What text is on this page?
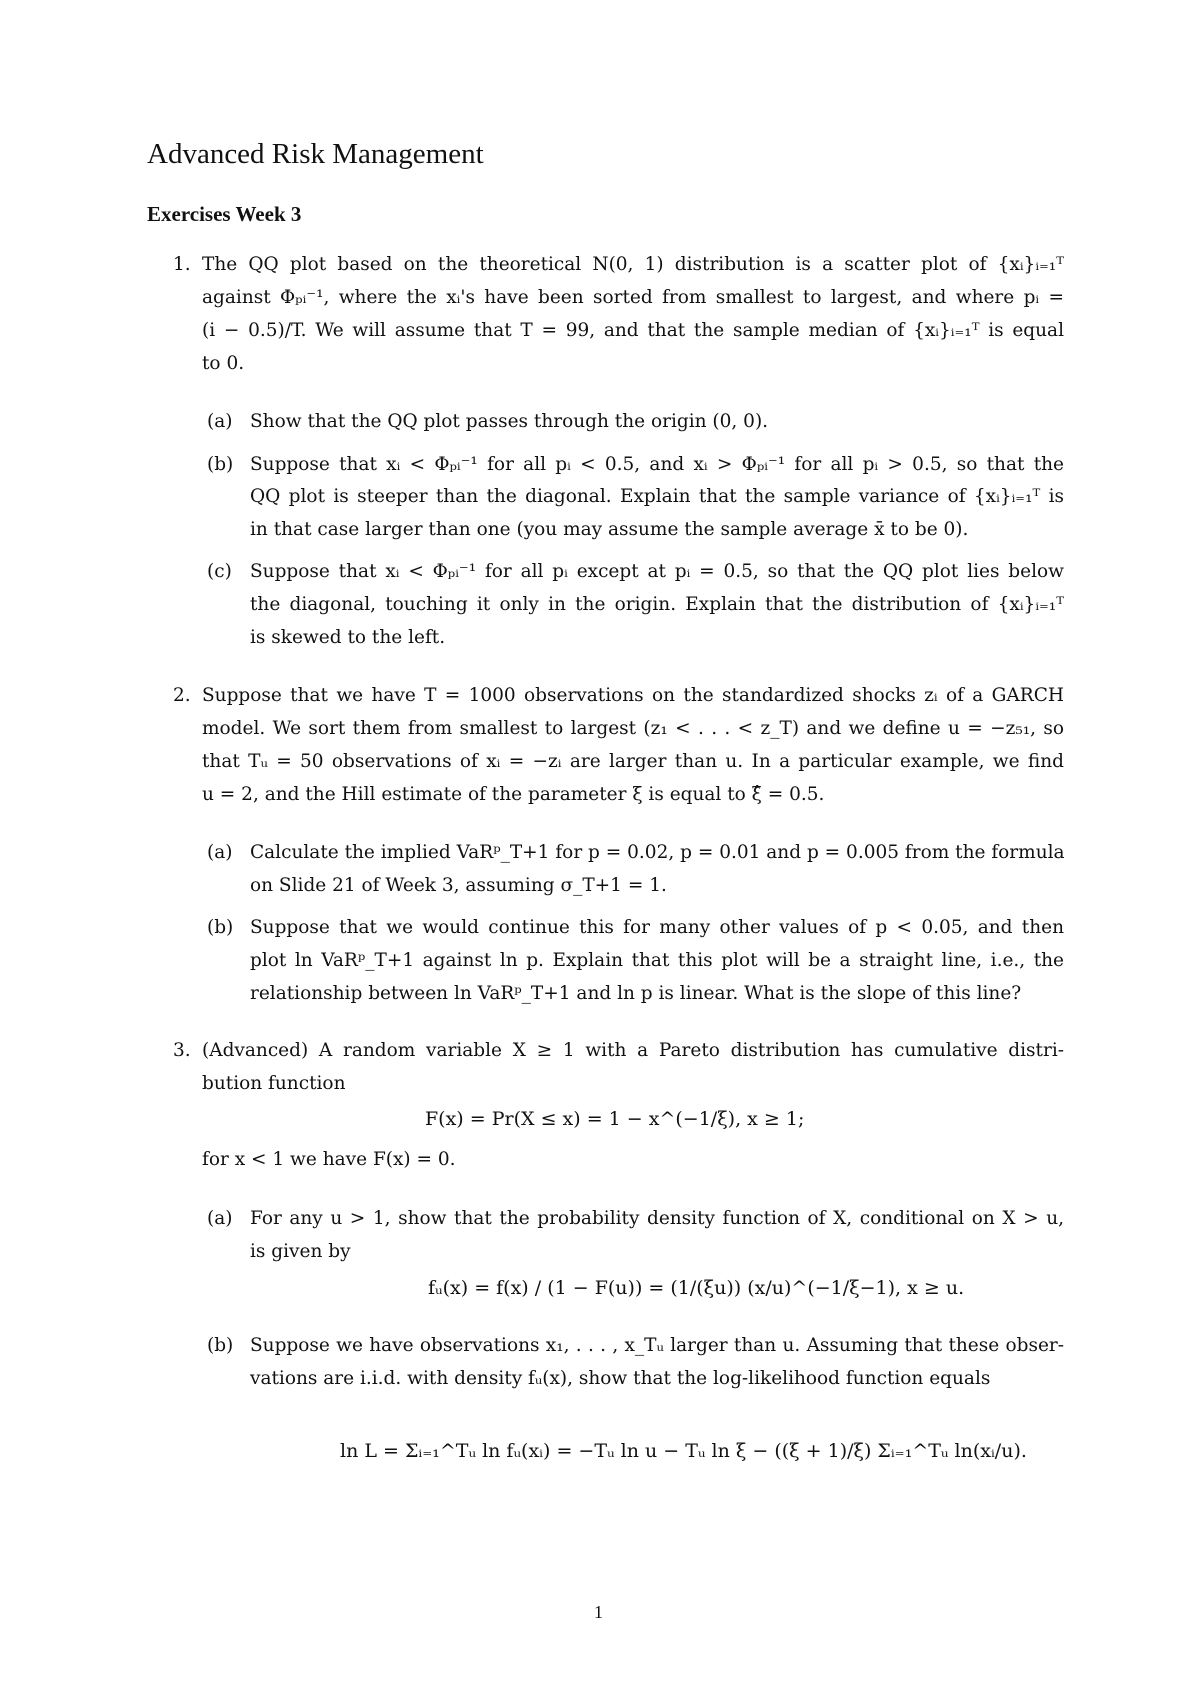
Advanced Risk Management
Exercises Week 3
1. The QQ plot based on the theoretical N(0, 1) distribution is a scatter plot of {xᵢ}ᵢ₌₁ᵀ
against Φₚᵢ⁻¹, where the xᵢ's have been sorted from smallest to largest, and where pᵢ =
(i − 0.5)/T. We will assume that T = 99, and that the sample median of {xᵢ}ᵢ₌₁ᵀ is equal
to 0.
(a) Show that the QQ plot passes through the origin (0, 0).
(b) Suppose that xᵢ < Φₚᵢ⁻¹ for all pᵢ < 0.5, and xᵢ > Φₚᵢ⁻¹ for all pᵢ > 0.5, so that the
QQ plot is steeper than the diagonal. Explain that the sample variance of {xᵢ}ᵢ₌₁ᵀ is
in that case larger than one (you may assume the sample average x̄ to be 0).
(c) Suppose that xᵢ < Φₚᵢ⁻¹ for all pᵢ except at pᵢ = 0.5, so that the QQ plot lies below
the diagonal, touching it only in the origin. Explain that the distribution of {xᵢ}ᵢ₌₁ᵀ
is skewed to the left.
2. Suppose that we have T = 1000 observations on the standardized shocks zᵢ of a GARCH
model. We sort them from smallest to largest (z₁ < . . . < z_T) and we define u = −z₅₁, so
that Tᵤ = 50 observations of xᵢ = −zᵢ are larger than u. In a particular example, we find
u = 2, and the Hill estimate of the parameter ξ is equal to ξ̂ = 0.5.
(a) Calculate the implied VaRᵖ_T+1 for p = 0.02, p = 0.01 and p = 0.005 from the formula
on Slide 21 of Week 3, assuming σ_T+1 = 1.
(b) Suppose that we would continue this for many other values of p < 0.05, and then
plot ln VaRᵖ_T+1 against ln p. Explain that this plot will be a straight line, i.e., the
relationship between ln VaRᵖ_T+1 and ln p is linear. What is the slope of this line?
3. (Advanced) A random variable X ≥ 1 with a Pareto distribution has cumulative distri-
bution function
F(x) = Pr(X ≤ x) = 1 − x^(−1/ξ), x ≥ 1;
for x < 1 we have F(x) = 0.
(a) For any u > 1, show that the probability density function of X, conditional on X > u,
is given by
fᵤ(x) = f(x) / (1 − F(u)) = (1/(ξu)) (x/u)^(−1/ξ−1), x ≥ u.
(b) Suppose we have observations x₁, . . . , x_Tᵤ larger than u. Assuming that these obser-
vations are i.i.d. with density fᵤ(x), show that the log-likelihood function equals
ln L = Σᵢ₌₁^Tᵤ ln fᵤ(xᵢ) = −Tᵤ ln u − Tᵤ ln ξ − ((ξ + 1)/ξ) Σᵢ₌₁^Tᵤ ln(xᵢ/u).
1
